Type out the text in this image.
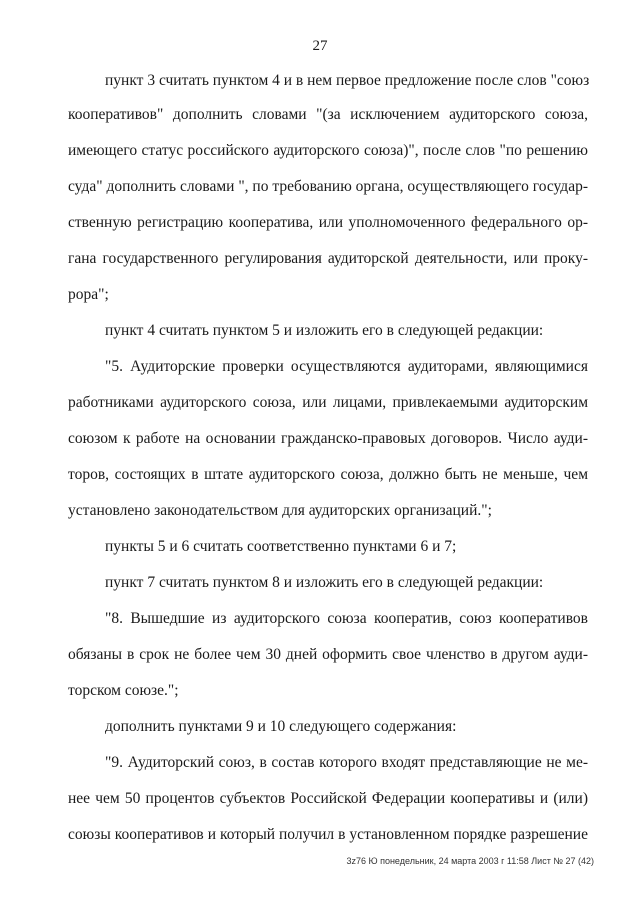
27
пункт 3 считать пунктом 4 и в нем первое предложение после слов "союз
кооперативов" дополнить словами "(за исключением аудиторского союза,
имеющего статус российского аудиторского союза)", после слов "по решению
суда" дополнить словами ", по требованию органа, осуществляющего государ-
ственную регистрацию кооператива, или уполномоченного федерального ор-
гана государственного регулирования аудиторской деятельности, или проку-
рора";
пункт 4 считать пунктом 5 и изложить его в следующей редакции:
"5. Аудиторские проверки осуществляются аудиторами, являющимися
работниками аудиторского союза, или лицами, привлекаемыми аудиторским
союзом к работе на основании гражданско-правовых договоров. Число ауди-
торов, состоящих в штате аудиторского союза, должно быть не меньше, чем
установлено законодательством для аудиторских организаций.";
пункты 5 и 6 считать соответственно пунктами 6 и 7;
пункт 7 считать пунктом 8 и изложить его в следующей редакции:
"8. Вышедшие из аудиторского союза кооператив, союз кооперативов
обязаны в срок не более чем 30 дней оформить свое членство в другом ауди-
торском союзе.";
дополнить пунктами 9 и 10 следующего содержания:
"9. Аудиторский союз, в состав которого входят представляющие не ме-
нее чем 50 процентов субъектов Российской Федерации кооперативы и (или)
союзы кооперативов и который получил в установленном порядке разрешение
3z76 Ю понедельник, 24 марта 2003 г 11:58 Лист № 27 (42)
